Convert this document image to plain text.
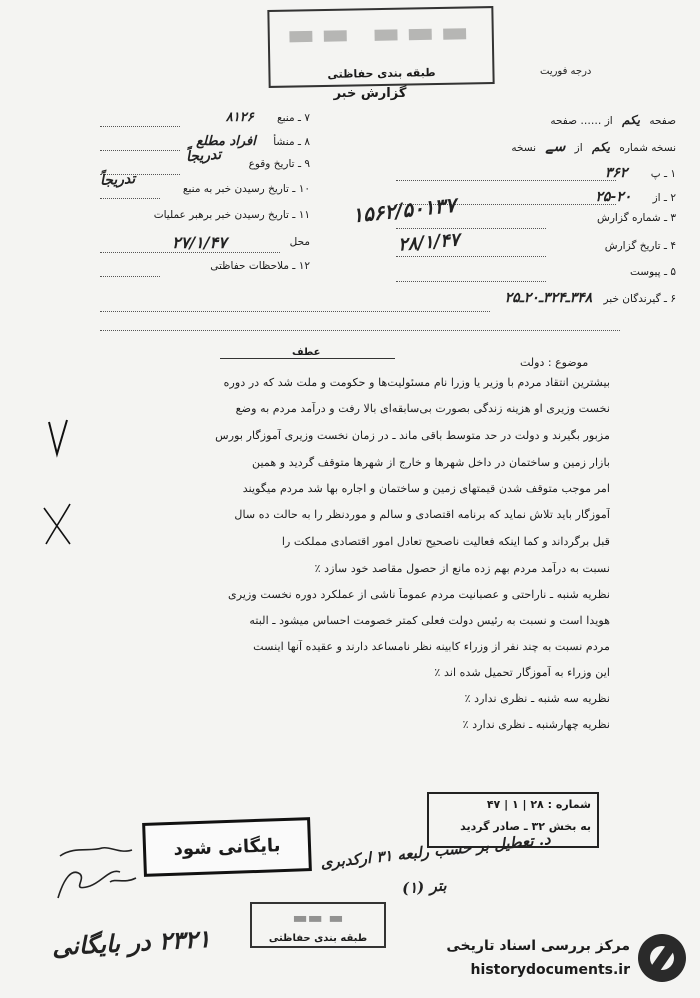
▬▬ ▬▬▬
طبقه بندی حفاظتی	درجه فوریت
گزارش خبر
صفحه یکم از …… صفحه
نسخه شماره یکم از سے نسخه
۱ ـ پ ۳۶۲
۲ ـ از ۲۰-۲۵
۳ ـ شماره گزارش
۱۵۶۲/۵۰۱۳۷
۴ ـ تاریخ گزارش
۲۸/۱/۴۷
۵ ـ پیوست
۶ ـ گیرندگان خبر ۳۴۸ـ۳۲۴ـ۲۰ـ۲۵
۷ ـ منبع ۸۱۲۶
۸ ـ منشأ افراد مطلع
۹ ـ تاریخ وقوع
تدریجاً
۱۰ ـ تاریخ رسیدن خبر به منبع
تدریجاً
۱۱ ـ تاریخ رسیدن خبر برهبر عملیات
محل
۲۷/۱/۴۷
۱۲ ـ ملاحظات حفاظتی
عطف
موضوع : دولت
بیشترین انتقاد مردم با وزیر یا وزرا نام مسئولیت‌ها و حکومت و ملت شد که در دوره
نخست وزیری او هزینه زندگی بصورت بی‌سابقه‌ای بالا رفت و درآمد مردم به وضع
مزبور بگیرند و دولت در حد متوسط باقی ماند ـ در زمان نخست وزیری آموزگار بورس
بازار زمین و ساختمان در داخل شهرها و خارج از شهرها متوقف گردید و همین
امر موجب متوقف شدن قیمتهای زمین و ساختمان و اجاره بها شد مردم میگویند
آموزگار باید تلاش نماید که برنامه اقتصادی و سالم و موردنظر را به حالت ده سال
قبل برگرداند و کما اینکه فعالیت ناصحیح تعادل امور اقتصادی مملکت را
نسبت به درآمد مردم بهم زده مانع از حصول مقاصد خود سازد ٪
نظریه شنبه ـ ناراحتی و عصبانیت مردم عموماً ناشی از عملکرد دوره نخست وزیری
هویدا است و نسبت به رئیس دولت فعلی کمتر خصومت احساس میشود ـ البته
مردم نسبت به چند نفر از وزراء کابینه نظر نامساعد دارند و عقیده آنها اینست
این وزراء به آموزگار تحمیل شده اند ٪
نظریه سه شنبه ـ نظری ندارد ٪
نظریه چهارشنبه ـ نظری ندارد ٪
شماره : ۲۸ | ۱ | ۴۷
به بخش ۳۲ ـ صادر گردید
بایگانی شود
د. تعطیل بر حسب رلبعه ۳۱ ارکدبری
بتر (۱)
۲۳۲۱ در بایگانی
▬ ▬▬
طبقه بندی حفاظتی	مرکز بررسی اسناد تاریخی
historydocuments.ir
